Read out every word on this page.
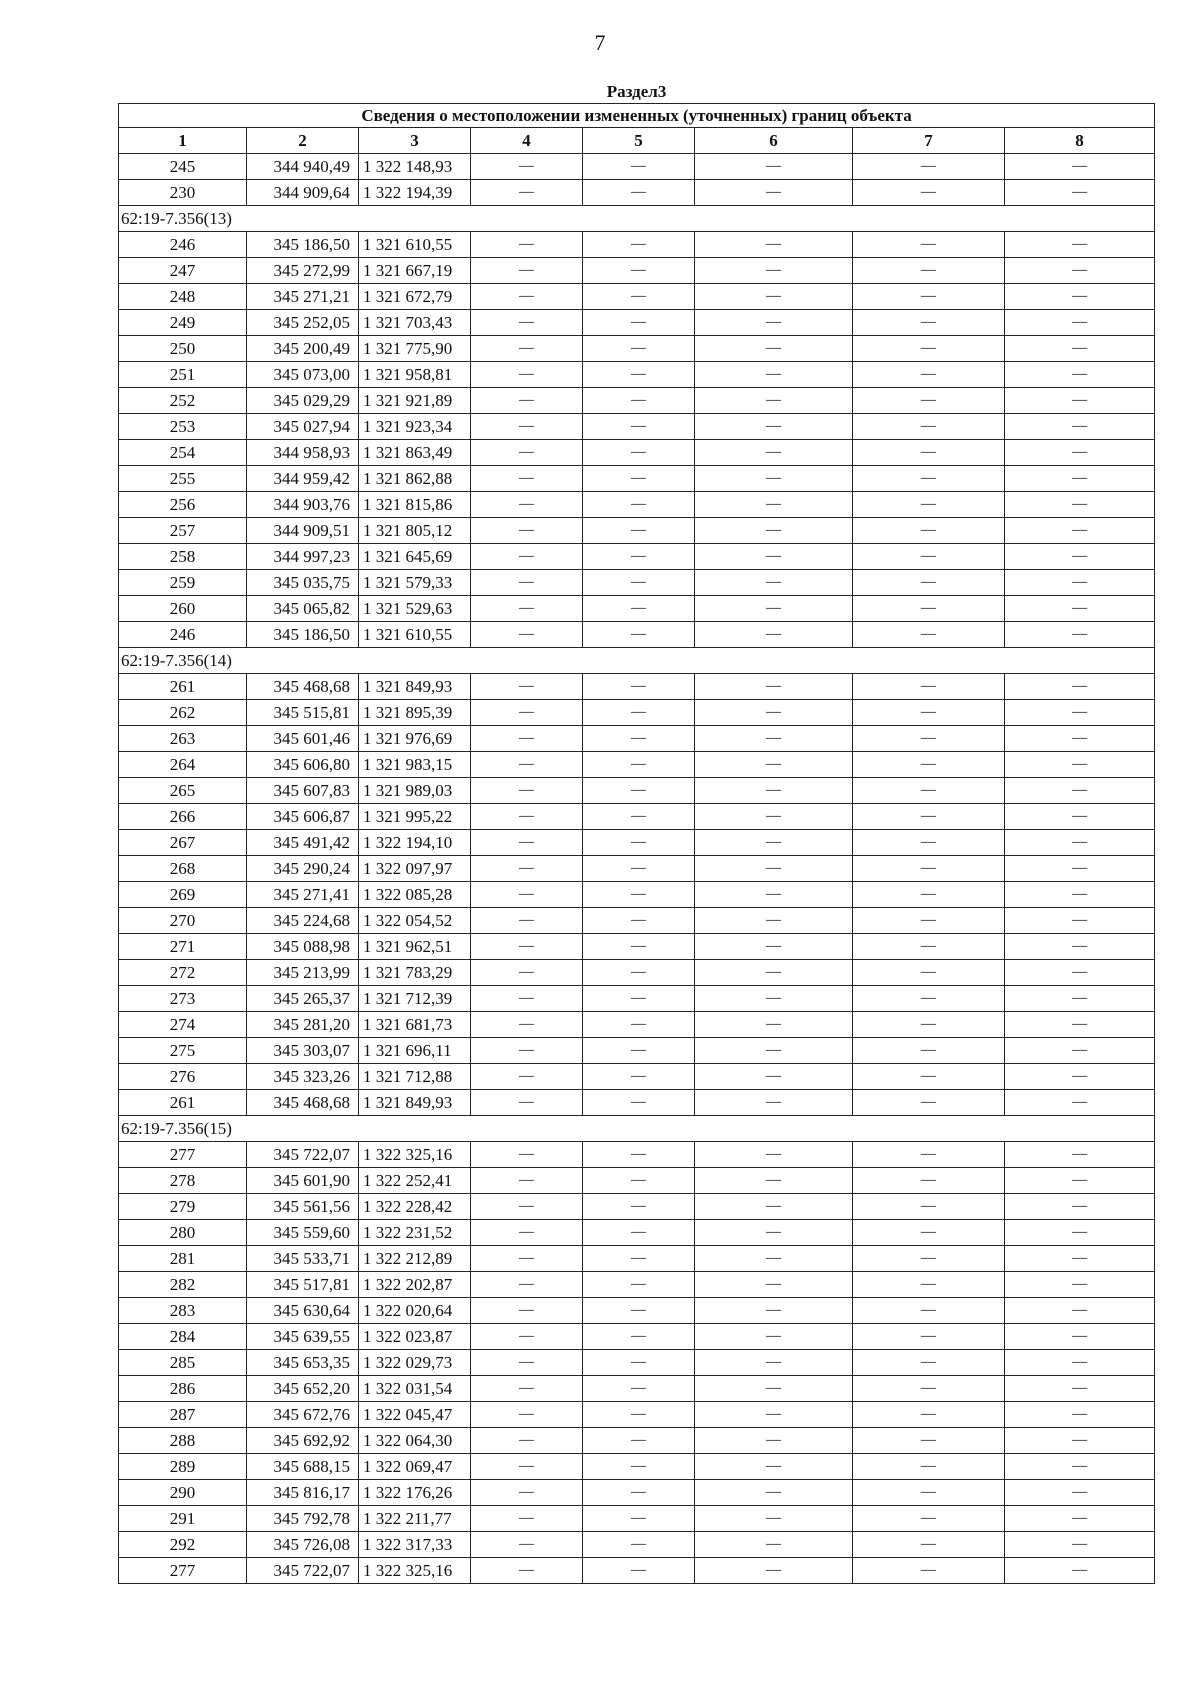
7
Раздел3							
Сведения о местоположении измененных (уточненных) границ объекта							
1	2	3	4	5	6	7	8
245	344 940,49	1 322 148,93	—	—	—	—	—
230	344 909,64	1 322 194,39	—	—	—	—	—
62:19-7.356(13)							
246	345 186,50	1 321 610,55	—	—	—	—	—
247	345 272,99	1 321 667,19	—	—	—	—	—
248	345 271,21	1 321 672,79	—	—	—	—	—
249	345 252,05	1 321 703,43	—	—	—	—	—
250	345 200,49	1 321 775,90	—	—	—	—	—
251	345 073,00	1 321 958,81	—	—	—	—	—
252	345 029,29	1 321 921,89	—	—	—	—	—
253	345 027,94	1 321 923,34	—	—	—	—	—
254	344 958,93	1 321 863,49	—	—	—	—	—
255	344 959,42	1 321 862,88	—	—	—	—	—
256	344 903,76	1 321 815,86	—	—	—	—	—
257	344 909,51	1 321 805,12	—	—	—	—	—
258	344 997,23	1 321 645,69	—	—	—	—	—
259	345 035,75	1 321 579,33	—	—	—	—	—
260	345 065,82	1 321 529,63	—	—	—	—	—
246	345 186,50	1 321 610,55	—	—	—	—	—
62:19-7.356(14)							
261	345 468,68	1 321 849,93	—	—	—	—	—
262	345 515,81	1 321 895,39	—	—	—	—	—
263	345 601,46	1 321 976,69	—	—	—	—	—
264	345 606,80	1 321 983,15	—	—	—	—	—
265	345 607,83	1 321 989,03	—	—	—	—	—
266	345 606,87	1 321 995,22	—	—	—	—	—
267	345 491,42	1 322 194,10	—	—	—	—	—
268	345 290,24	1 322 097,97	—	—	—	—	—
269	345 271,41	1 322 085,28	—	—	—	—	—
270	345 224,68	1 322 054,52	—	—	—	—	—
271	345 088,98	1 321 962,51	—	—	—	—	—
272	345 213,99	1 321 783,29	—	—	—	—	—
273	345 265,37	1 321 712,39	—	—	—	—	—
274	345 281,20	1 321 681,73	—	—	—	—	—
275	345 303,07	1 321 696,11	—	—	—	—	—
276	345 323,26	1 321 712,88	—	—	—	—	—
261	345 468,68	1 321 849,93	—	—	—	—	—
62:19-7.356(15)							
277	345 722,07	1 322 325,16	—	—	—	—	—
278	345 601,90	1 322 252,41	—	—	—	—	—
279	345 561,56	1 322 228,42	—	—	—	—	—
280	345 559,60	1 322 231,52	—	—	—	—	—
281	345 533,71	1 322 212,89	—	—	—	—	—
282	345 517,81	1 322 202,87	—	—	—	—	—
283	345 630,64	1 322 020,64	—	—	—	—	—
284	345 639,55	1 322 023,87	—	—	—	—	—
285	345 653,35	1 322 029,73	—	—	—	—	—
286	345 652,20	1 322 031,54	—	—	—	—	—
287	345 672,76	1 322 045,47	—	—	—	—	—
288	345 692,92	1 322 064,30	—	—	—	—	—
289	345 688,15	1 322 069,47	—	—	—	—	—
290	345 816,17	1 322 176,26	—	—	—	—	—
291	345 792,78	1 322 211,77	—	—	—	—	—
292	345 726,08	1 322 317,33	—	—	—	—	—
277	345 722,07	1 322 325,16	—	—	—	—	—
